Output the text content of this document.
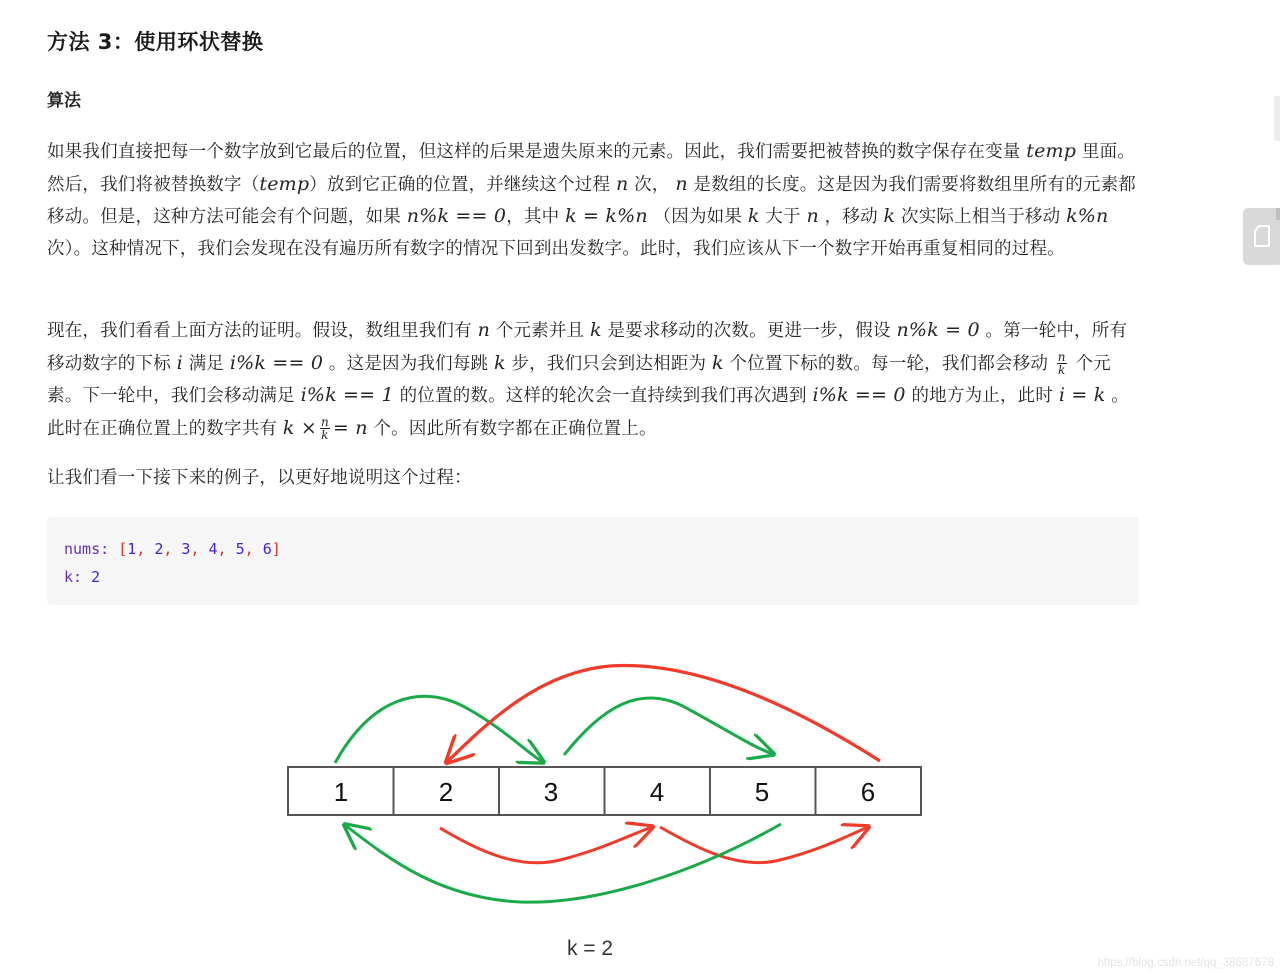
方法 3：使用环状替换
算法

如果我们直接把每一个数字放到它最后的位置，但这样的后果是遗失原来的元素。因此，我们需要把被替换的数字保存在变量 temp 里面。然后，我们将被替换数字（temp）放到它正确的位置，并继续这个过程 n 次， n 是数组的长度。这是因为我们需要将数组里所有的元素都移动。但是，这种方法可能会有个问题，如果 n%k == 0，其中 k = k%n （因为如果 k 大于 n ，移动 k 次实际上相当于移动 k%n 次）。这种情况下，我们会发现在没有遍历所有数字的情况下回到出发数字。此时，我们应该从下一个数字开始再重复相同的过程。

现在，我们看看上面方法的证明。假设，数组里我们有 n 个元素并且 k 是要求移动的次数。更进一步，假设 n%k = 0 。第一轮中，所有移动数字的下标 i 满足 i%k == 0 。这是因为我们每跳 k 步，我们只会到达相距为 k 个位置下标的数。每一轮，我们都会移动 $\frac{n}{k}$ 个元素。下一轮中，我们会移动满足 i%k == 1 的位置的数。这样的轮次会一直持续到我们再次遇到 i%k == 0 的地方为止，此时 i = k 。此时在正确位置上的数字共有 $k \times \frac{n}{k} = n$ 个。因此所有数字都在正确位置上。

让我们看一下接下来的例子，以更好地说明这个过程：

nums: [1, 2, 3, 4, 5, 6]
k: 2
1	2	3	4	5	6
k = 2
https://blog.csdn.net/qq_38687678
